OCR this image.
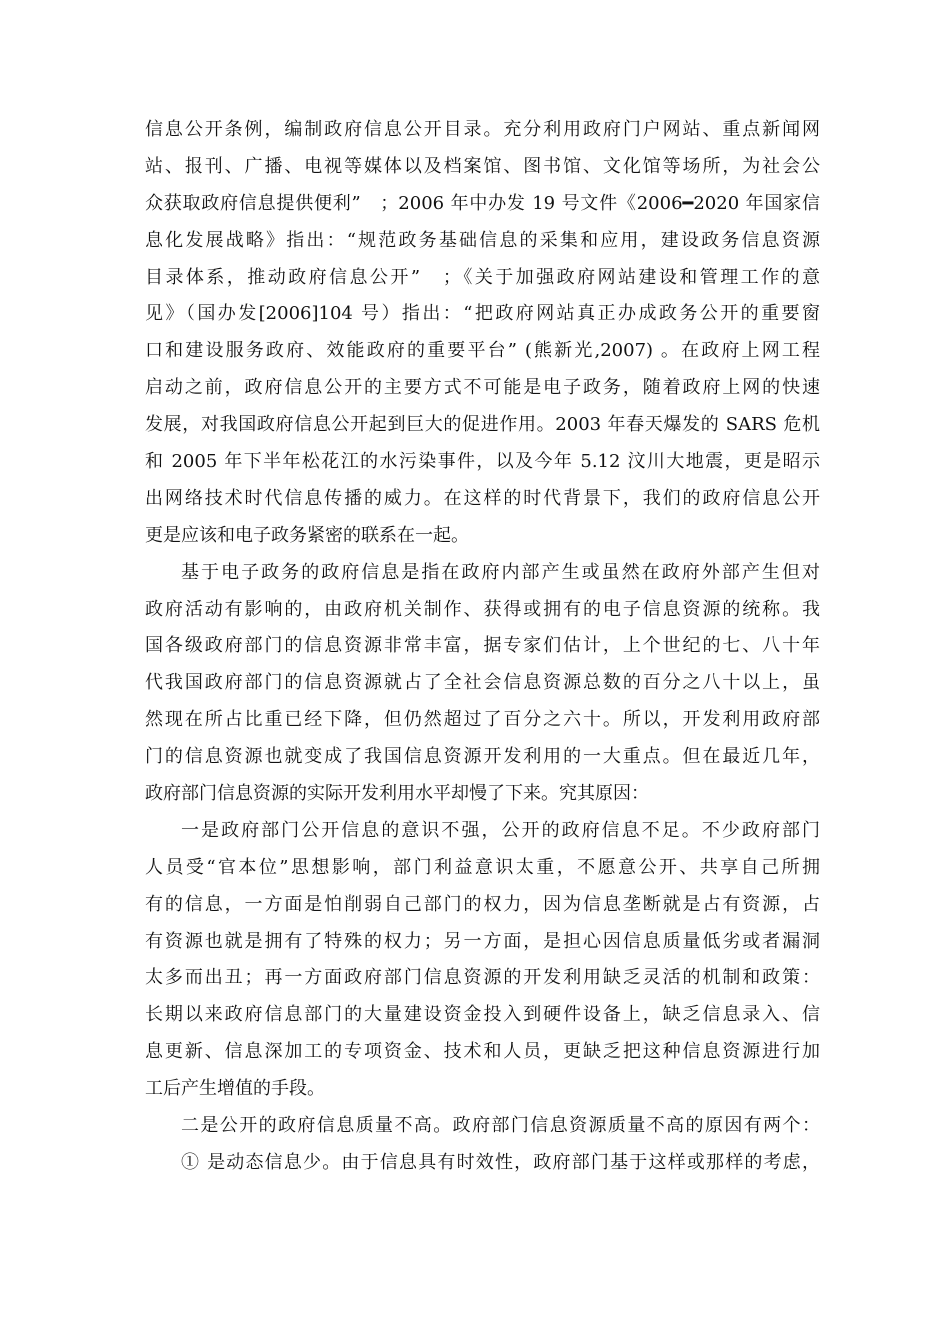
信息公开条例，编制政府信息公开目录。充分利用政府门户网站、重点新闻网
站、报刊、广播、电视等媒体以及档案馆、图书馆、文化馆等场所，为社会公
众获取政府信息提供便利”　；2006 年中办发 19 号文件《2006━2020 年国家信
息化发展战略》指出：“规范政务基础信息的采集和应用，建设政务信息资源
目录体系，推动政府信息公开”　；《关于加强政府网站建设和管理工作的意
见》（国办发[2006]104 号）指出：“把政府网站真正办成政务公开的重要窗
口和建设服务政府、效能政府的重要平台” (熊新光,2007) 。在政府上网工程
启动之前，政府信息公开的主要方式不可能是电子政务，随着政府上网的快速
发展，对我国政府信息公开起到巨大的促进作用。2003 年春天爆发的 SARS 危机
和 2005 年下半年松花江的水污染事件，以及今年 5.12 汶川大地震，更是昭示
出网络技术时代信息传播的威力。在这样的时代背景下，我们的政府信息公开
更是应该和电子政务紧密的联系在一起。
基于电子政务的政府信息是指在政府内部产生或虽然在政府外部产生但对
政府活动有影响的，由政府机关制作、获得或拥有的电子信息资源的统称。我
国各级政府部门的信息资源非常丰富，据专家们估计，上个世纪的七、八十年
代我国政府部门的信息资源就占了全社会信息资源总数的百分之八十以上，虽
然现在所占比重已经下降，但仍然超过了百分之六十。所以，开发利用政府部
门的信息资源也就变成了我国信息资源开发利用的一大重点。但在最近几年，
政府部门信息资源的实际开发利用水平却慢了下来。究其原因：
一是政府部门公开信息的意识不强，公开的政府信息不足。不少政府部门
人员受“官本位”思想影响，部门利益意识太重，不愿意公开、共享自己所拥
有的信息，一方面是怕削弱自己部门的权力，因为信息垄断就是占有资源，占
有资源也就是拥有了特殊的权力；另一方面，是担心因信息质量低劣或者漏洞
太多而出丑；再一方面政府部门信息资源的开发利用缺乏灵活的机制和政策：
长期以来政府信息部门的大量建设资金投入到硬件设备上，缺乏信息录入、信
息更新、信息深加工的专项资金、技术和人员，更缺乏把这种信息资源进行加
工后产生增值的手段。
二是公开的政府信息质量不高。政府部门信息资源质量不高的原因有两个：
① 是动态信息少。由于信息具有时效性，政府部门基于这样或那样的考虑，
